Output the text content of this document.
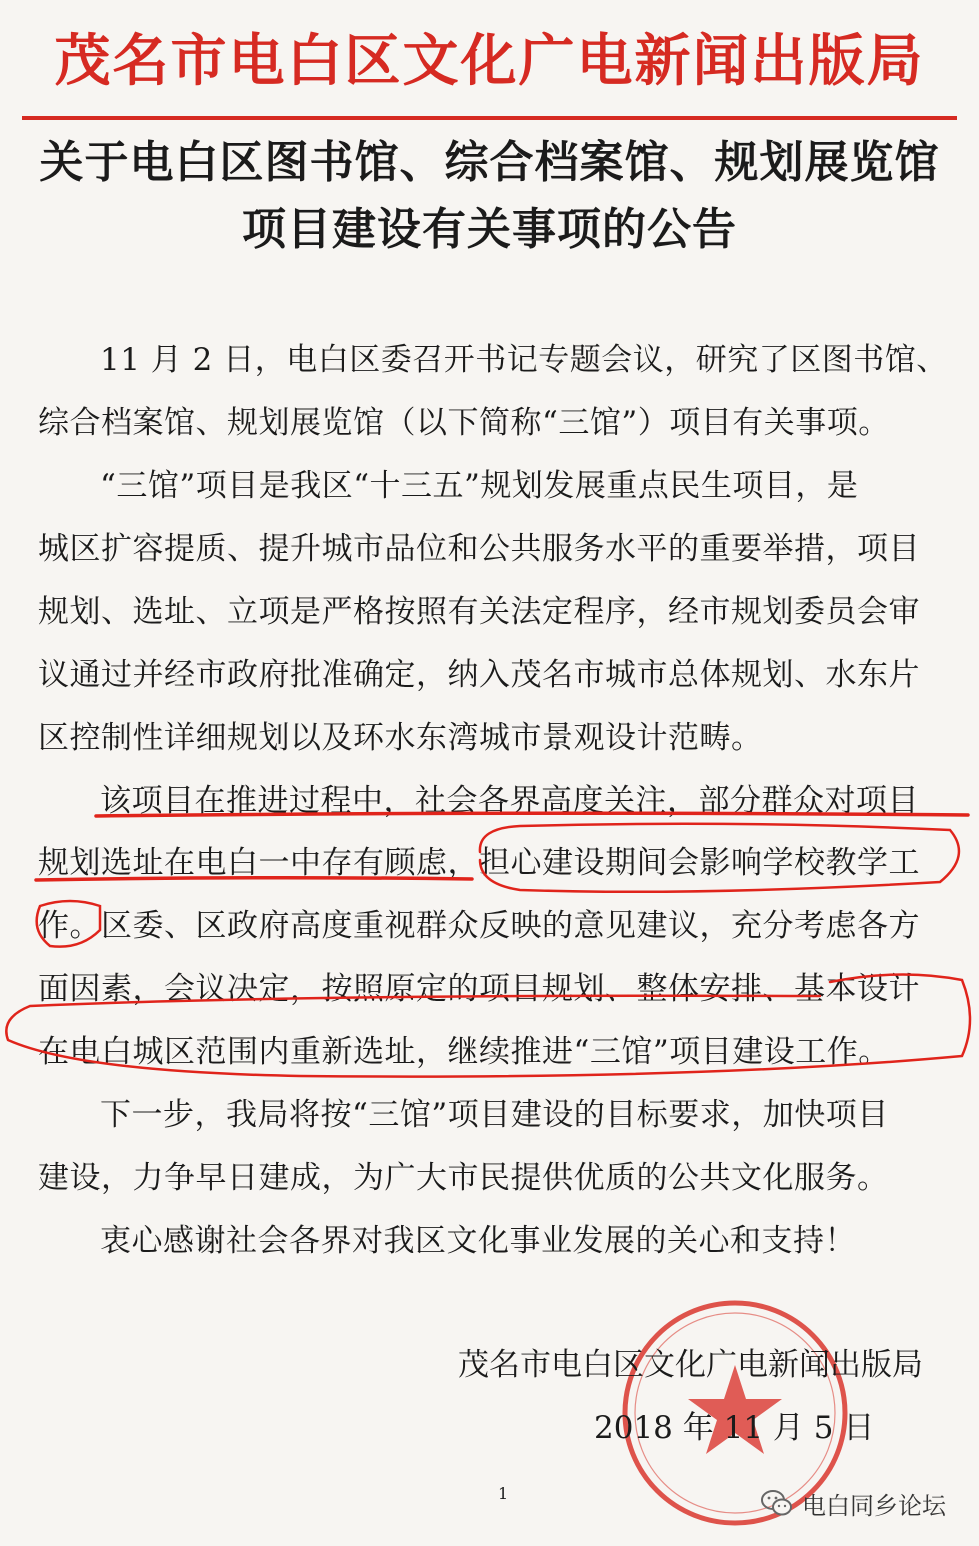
茂名市电白区文化广电新闻出版局
关于电白区图书馆、综合档案馆、规划展览馆
项目建设有关事项的公告
11 月 2 日，电白区委召开书记专题会议，研究了区图书馆、
综合档案馆、规划展览馆（以下简称“三馆”）项目有关事项。
“三馆”项目是我区“十三五”规划发展重点民生项目，是
城区扩容提质、提升城市品位和公共服务水平的重要举措，项目
规划、选址、立项是严格按照有关法定程序，经市规划委员会审
议通过并经市政府批准确定，纳入茂名市城市总体规划、水东片
区控制性详细规划以及环水东湾城市景观设计范畴。
该项目在推进过程中，社会各界高度关注，部分群众对项目
规划选址在电白一中存有顾虑，担心建设期间会影响学校教学工
作。区委、区政府高度重视群众反映的意见建议，充分考虑各方
面因素，会议决定，按照原定的项目规划、整体安排、基本设计
在电白城区范围内重新选址，继续推进“三馆”项目建设工作。
下一步，我局将按“三馆”项目建设的目标要求，加快项目
建设，力争早日建成，为广大市民提供优质的公共文化服务。
衷心感谢社会各界对我区文化事业发展的关心和支持！
茂名市电白区文化广电新闻出版局
2018 年 11 月 5 日
1	电白同乡论坛
